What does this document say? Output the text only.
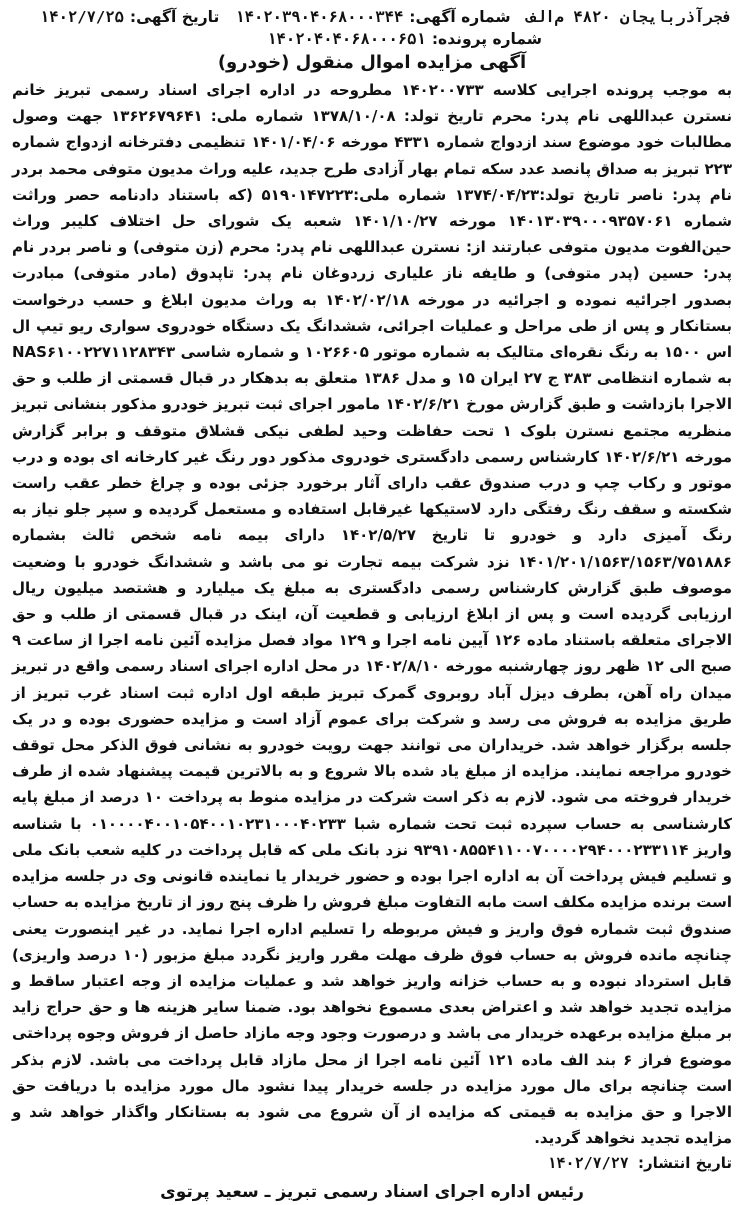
فجرآذربایجان ۴۸۲۰ م‌الف
شماره آگهی:
۱۴۰۲۰۳۹۰۴۰۶۸۰۰۰۳۴۴
تاریخ آگهی:
۱۴۰۲/۷/۲۵
شماره پرونده:
۱۴۰۲۰۴۰۴۰۶۸۰۰۰۶۵۱
آگهی مزایده اموال منقول (خودرو)

به موجب پرونده اجرایی کلاسه ۱۴۰۲۰۰۷۳۳ مطروحه در اداره اجرای اسناد رسمی تبریز خانم نسترن عبداللهی نام پدر: محرم تاریخ تولد: ۱۳۷۸/۱۰/۰۸ شماره ملی: ۱۳۶۲۶۷۹۶۴۱ جهت وصول مطالبات خود موضوع سند ازدواج شماره ۴۳۳۱ مورخه ۱۴۰۱/۰۴/۰۶ تنظیمی دفترخانه ازدواج شماره ۲۲۳ تبریز به صداق پانصد عدد سکه تمام بهار آزادی طرح جدید، علیه وراث مدیون متوفی محمد بردر نام پدر: ناصر تاریخ تولد:۱۳۷۴/۰۴/۲۳ شماره ملی:۵۱۹۰۱۴۷۲۲۳ (که باستناد دادنامه حصر وراثت شماره ۱۴۰۱۳۰۳۹۰۰۰۹۳۵۷۰۶۱ مورخه ۱۴۰۱/۱۰/۲۷ شعبه یک شورای حل اختلاف کلیبر وراث حین‌الفوت مدیون متوفی عبارتند از: نسترن عبداللهی نام پدر: محرم (زن متوفی) و ناصر بردر نام پدر: حسین (پدر متوفی) و طایفه ناز علیاری زردوغان نام پدر: تاپدوق (مادر متوفی) مبادرت بصدور اجرائیه نموده و اجرائیه در مورخه ۱۴۰۲/۰۲/۱۸ به وراث مدیون ابلاغ و حسب درخواست بستانکار و پس از طی مراحل و عملیات اجرائی، ششدانگ یک دستگاه خودروی سواری ریو تیپ ال اس ۱۵۰۰ به رنگ نقره‌ای متالیک به شماره موتور ۱۰۲۶۶۰۵ و شماره شاسی NAS۶۱۰۰۲۲۷۱۱۲۸۳۴۳ به شماره انتظامی ۳۸۳ ج ۲۷ ایران ۱۵ و مدل ۱۳۸۶ متعلق به بدهکار در قبال قسمتی از طلب و حق الاجرا بازداشت و طبق گزارش مورخ ۱۴۰۲/۶/۲۱ مامور اجرای ثبت تبریز خودرو مذکور بنشانی تبریز منظریه مجتمع نسترن بلوک ۱ تحت حفاظت وحید لطفی نیکی قشلاق متوقف و برابر گزارش مورخه ۱۴۰۲/۶/۲۱ کارشناس رسمی دادگستری خودروی مذکور دور رنگ غیر کارخانه ای بوده و درب موتور و رکاب چپ و درب صندوق عقب دارای آثار برخورد جزئی بوده و چراغ خطر عقب راست شکسته و سقف رنگ رفتگی دارد لاستیکها غیرقابل استفاده و مستعمل گردیده و سپر جلو نیاز به رنگ آمیزی دارد و خودرو تا تاریخ ۱۴۰۲/۵/۲۷ دارای بیمه نامه شخص ثالث بشماره ۱۴۰۱/۲۰۱/۱۵۶۳/۱۵۶۳/۷۵۱۸۸۶ نزد شرکت بیمه تجارت نو می باشد و ششدانگ خودرو با وضعیت موصوف طبق گزارش کارشناس رسمی دادگستری به مبلغ یک میلیارد و هشتصد میلیون ریال ارزیابی گردیده است و پس از ابلاغ ارزیابی و قطعیت آن، اینک در قبال قسمتی از طلب و حق الاجرای متعلقه باستناد ماده ۱۲۶ آیین نامه اجرا و ۱۲۹ مواد فصل مزایده آئین نامه اجرا از ساعت ۹ صبح الی ۱۲ ظهر روز چهارشنبه مورخه ۱۴۰۲/۸/۱۰ در محل اداره اجرای اسناد رسمی واقع در تبریز میدان راه آهن، بطرف دیزل آباد روبروی گمرک تبریز طبقه اول اداره ثبت اسناد غرب تبریز از طریق مزایده به فروش می رسد و شرکت برای عموم آزاد است و مزایده حضوری بوده و در یک جلسه برگزار خواهد شد. خریداران می توانند جهت رویت خودرو به نشانی فوق الذکر محل توقف خودرو مراجعه نمایند. مزایده از مبلغ یاد شده بالا شروع و به بالاترین قیمت پیشنهاد شده از طرف خریدار فروخته می شود. لازم به ذکر است شرکت در مزایده منوط به پرداخت ۱۰ درصد از مبلغ پایه کارشناسی به حساب سپرده ثبت تحت شماره شبا ۰۱۰۰۰۰۴۰۰۱۰۵۴۰۰۱۰۲۳۱۰۰۰۴۰۲۳۳ با شناسه واریز ۹۳۹۱۰۸۵۵۴۱۱۰۰۷۰۰۰۰۲۹۴۰۰۰۲۳۳۱۱۴ نزد بانک ملی که قابل پرداخت در کلیه شعب بانک ملی و تسلیم فیش پرداخت آن به اداره اجرا بوده و حضور خریدار یا نماینده قانونی وی در جلسه مزایده است برنده مزایده مکلف است مابه التفاوت مبلغ فروش را ظرف پنج روز از تاریخ مزایده به حساب صندوق ثبت شماره فوق واریز و فیش مربوطه را تسلیم اداره اجرا نماید. در غیر اینصورت یعنی چنانچه مانده فروش به حساب فوق ظرف مهلت مقرر واریز نگردد مبلغ مزبور (۱۰ درصد واریزی) قابل استرداد نبوده و به حساب خزانه واریز خواهد شد و عملیات مزایده از وجه اعتبار ساقط و مزایده تجدید خواهد شد و اعتراض بعدی مسموع نخواهد بود. ضمنا سایر هزینه ها و حق حراج زاید بر مبلغ مزایده برعهده خریدار می باشد و درصورت وجود وجه مازاد حاصل از فروش وجوه پرداختی موضوع فراز ۶ بند الف ماده ۱۲۱ آئین نامه اجرا از محل مازاد قابل پرداخت می باشد. لازم بذکر است چنانچه برای مال مورد مزایده در جلسه خریدار پیدا نشود مال مورد مزایده با دریافت حق الاجرا و حق مزایده به قیمتی که مزایده از آن شروع می شود به بستانکار واگذار خواهد شد و مزایده تجدید نخواهد گردید.

تاریخ انتشار: ۱۴۰۲/۷/۲۷

رئیس اداره اجرای اسناد رسمی تبریز ـ سعید پرتوی
